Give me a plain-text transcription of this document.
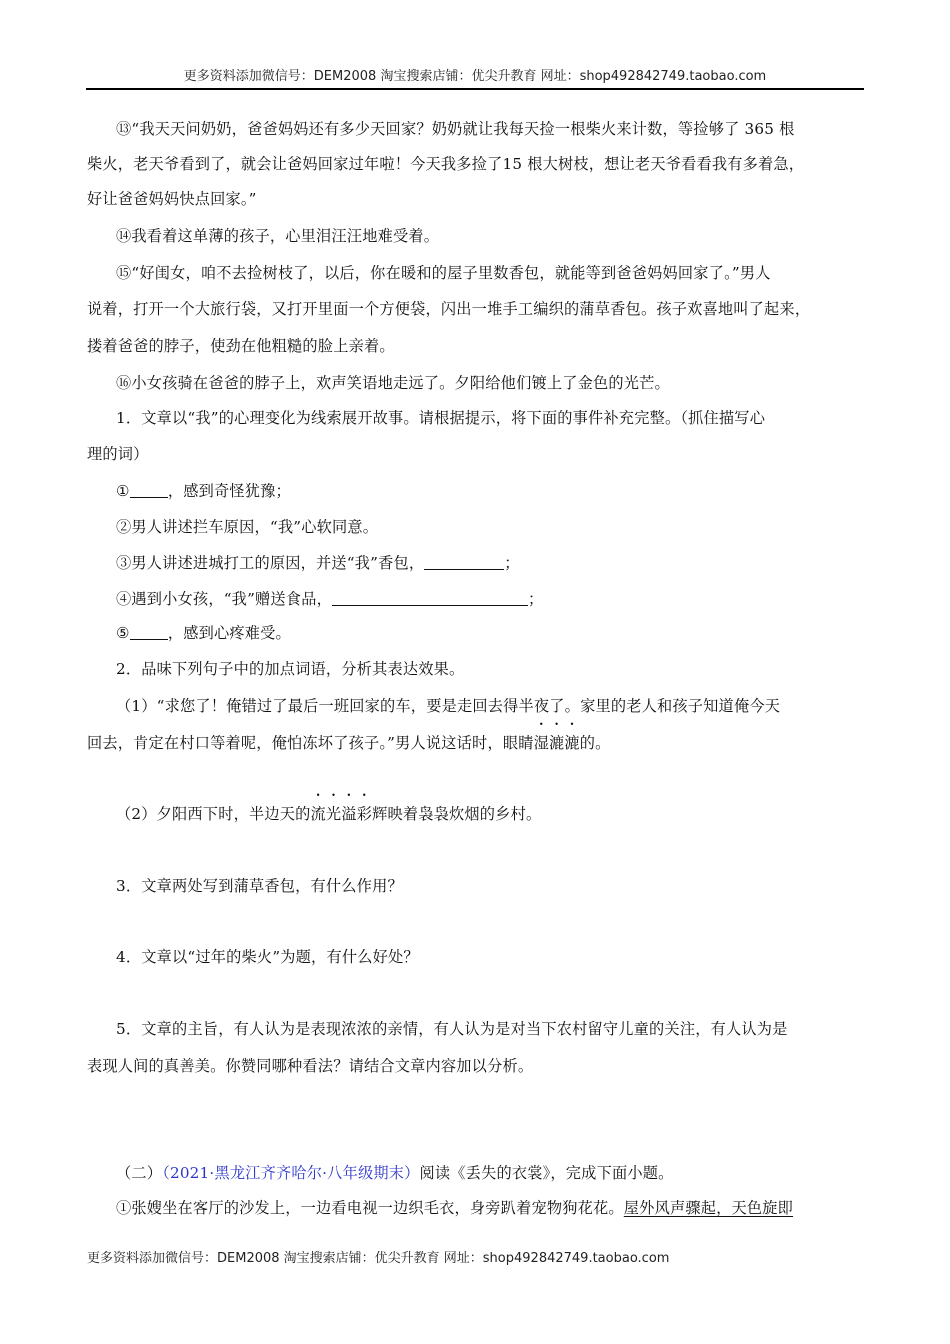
更多资料添加微信号：DEM2008 淘宝搜索店铺：优尖升教育 网址：shop492842749.taobao.com
⑬“我天天问奶奶，爸爸妈妈还有多少天回家？奶奶就让我每天捡一根柴火来计数，等捡够了 365 根
柴火，老天爷看到了，就会让爸妈回家过年啦！今天我多捡了15 根大树枝，想让老天爷看看我有多着急，
好让爸爸妈妈快点回家。”
⑭我看着这单薄的孩子，心里泪汪汪地难受着。
⑮“好闺女，咱不去捡树枝了，以后，你在暖和的屋子里数香包，就能等到爸爸妈妈回家了。”男人
说着，打开一个大旅行袋，又打开里面一个方便袋，闪出一堆手工编织的蒲草香包。孩子欢喜地叫了起来，
搂着爸爸的脖子，使劲在他粗糙的脸上亲着。
⑯小女孩骑在爸爸的脖子上，欢声笑语地走远了。夕阳给他们镀上了金色的光芒。
1．文章以“我”的心理变化为线索展开故事。请根据提示，将下面的事件补充完整。（抓住描写心
理的词）
①	，感到奇怪犹豫；
②男人讲述拦车原因，“我”心软同意。
③男人讲述进城打工的原因，并送“我”香包，	；
④遇到小女孩，“我”赠送食品，	；
⑤	，感到心疼难受。
2．品味下列句子中的加点词语，分析其表达效果。
（1）“求您了！俺错过了最后一班回家的车，要是走回去得半夜了。家里的老人和孩子知道俺今天
回去，肯定在村口等着呢，俺怕冻坏了孩子。”男人说这话时，眼睛湿漉漉的。
（2）夕阳西下时，半边天的流光溢彩辉映着袅袅炊烟的乡村。
3．文章两处写到蒲草香包，有什么作用？
4．文章以“过年的柴火”为题，有什么好处？
5．文章的主旨，有人认为是表现浓浓的亲情，有人认为是对当下农村留守儿童的关注，有人认为是
表现人间的真善美。你赞同哪种看法？请结合文章内容加以分析。
（二）（2021·黑龙江齐齐哈尔·八年级期末）阅读《丢失的衣裳》，完成下面小题。
①张嫂坐在客厅的沙发上，一边看电视一边织毛衣，身旁趴着宠物狗花花。屋外风声骤起，天色旋即
更多资料添加微信号：DEM2008 淘宝搜索店铺：优尖升教育 网址：shop492842749.taobao.com
